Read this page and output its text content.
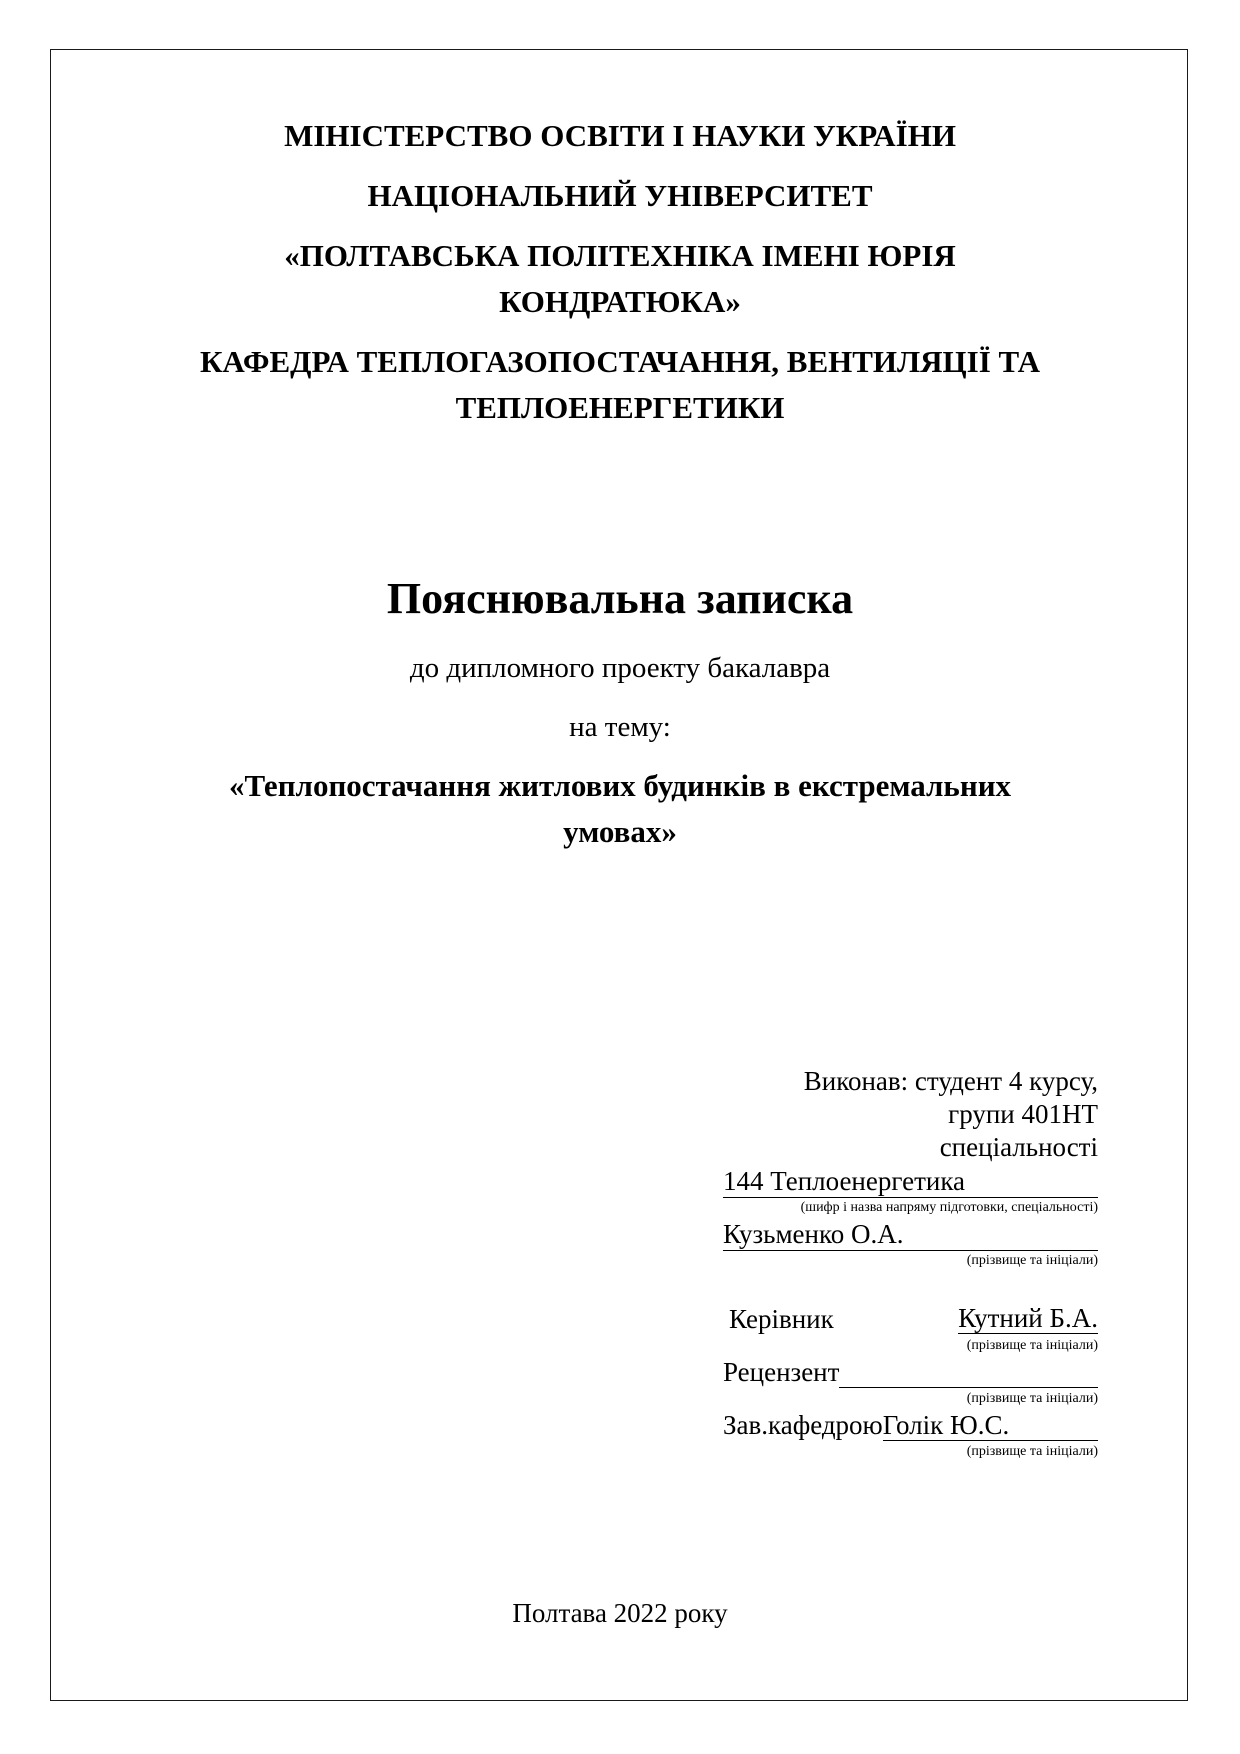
МІНІСТЕРСТВО ОСВІТИ І НАУКИ УКРАЇНИ
НАЦІОНАЛЬНИЙ УНІВЕРСИТЕТ
«ПОЛТАВСЬКА ПОЛІТЕХНІКА ІМЕНІ ЮРІЯ
КОНДРАТЮКА»
КАФЕДРА ТЕПЛОГАЗОПОСТАЧАННЯ, ВЕНТИЛЯЦІЇ ТА
ТЕПЛОЕНЕРГЕТИКИ
Пояснювальна записка
до дипломного проекту бакалавра
на тему:
«Теплопостачання житлових будинків в екстремальних
умовах»
Виконав: студент 4 курсу,
групи 401НТ
спеціальності
144 Теплоенергетика
(шифр і назва напряму підготовки, спеціальності)
Кузьменко О.А.
(прізвище та ініціали)
Керівник	Кутний Б.А.
(прізвище та ініціали)
Рецензент
(прізвище та ініціали)
Зав.кафедрою Голік Ю.С.
(прізвище та ініціали)
Полтава 2022 року
